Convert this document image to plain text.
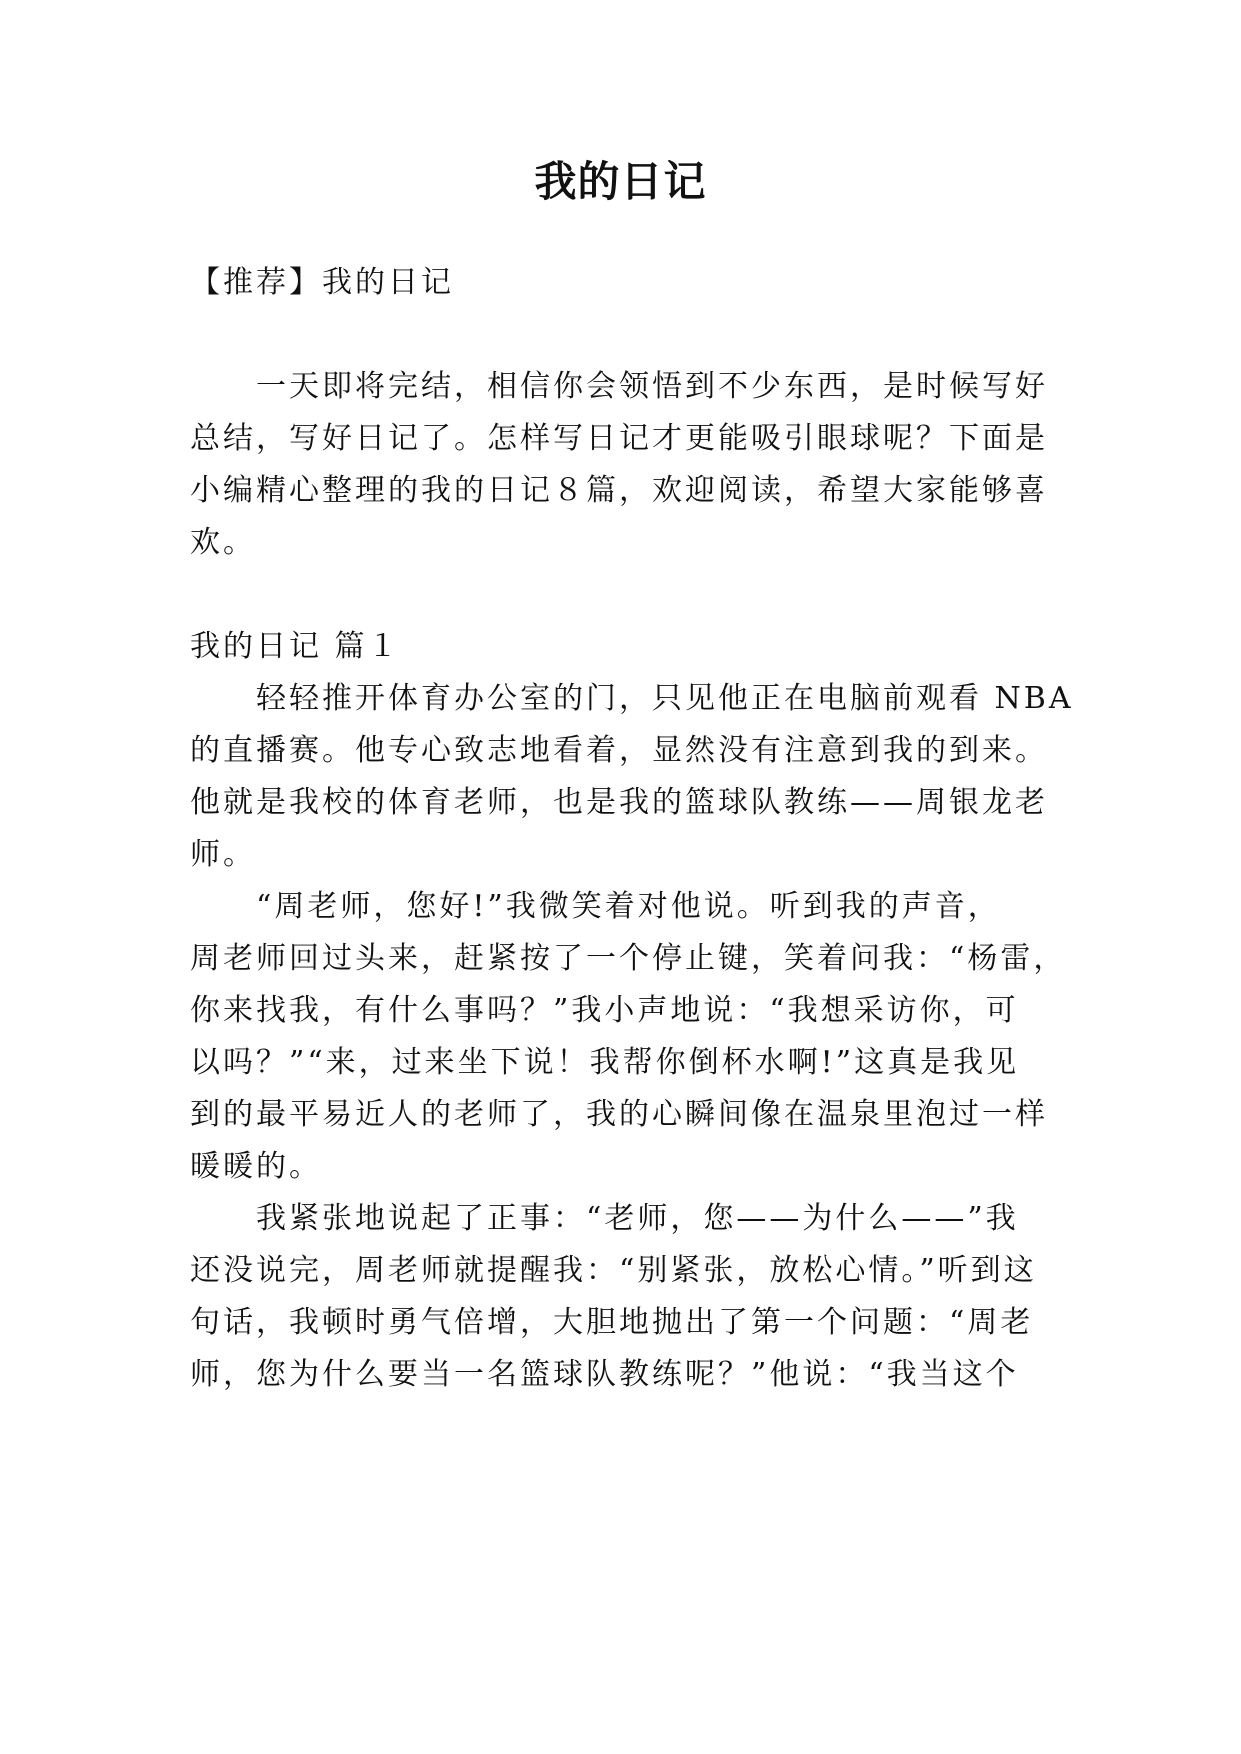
我的日记
【推荐】我的日记
一天即将完结，相信你会领悟到不少东西，是时候写好
总结，写好日记了。怎样写日记才更能吸引眼球呢？下面是
小编精心整理的我的日记８篇，欢迎阅读，希望大家能够喜
欢。
我的日记 篇１
轻轻推开体育办公室的门，只见他正在电脑前观看 NBA
的直播赛。他专心致志地看着，显然没有注意到我的到来。
他就是我校的体育老师，也是我的篮球队教练——周银龙老
师。
“周老师，您好!”我微笑着对他说。听到我的声音，
周老师回过头来，赶紧按了一个停止键，笑着问我：“杨雷，
你来找我，有什么事吗？”我小声地说：“我想采访你，可
以吗？”“来，过来坐下说！我帮你倒杯水啊!”这真是我见
到的最平易近人的老师了，我的心瞬间像在温泉里泡过一样
暖暖的。
我紧张地说起了正事：“老师，您——为什么——”我
还没说完，周老师就提醒我：“别紧张，放松心情。”听到这
句话，我顿时勇气倍增，大胆地抛出了第一个问题：“周老
师，您为什么要当一名篮球队教练呢？”他说：“我当这个
